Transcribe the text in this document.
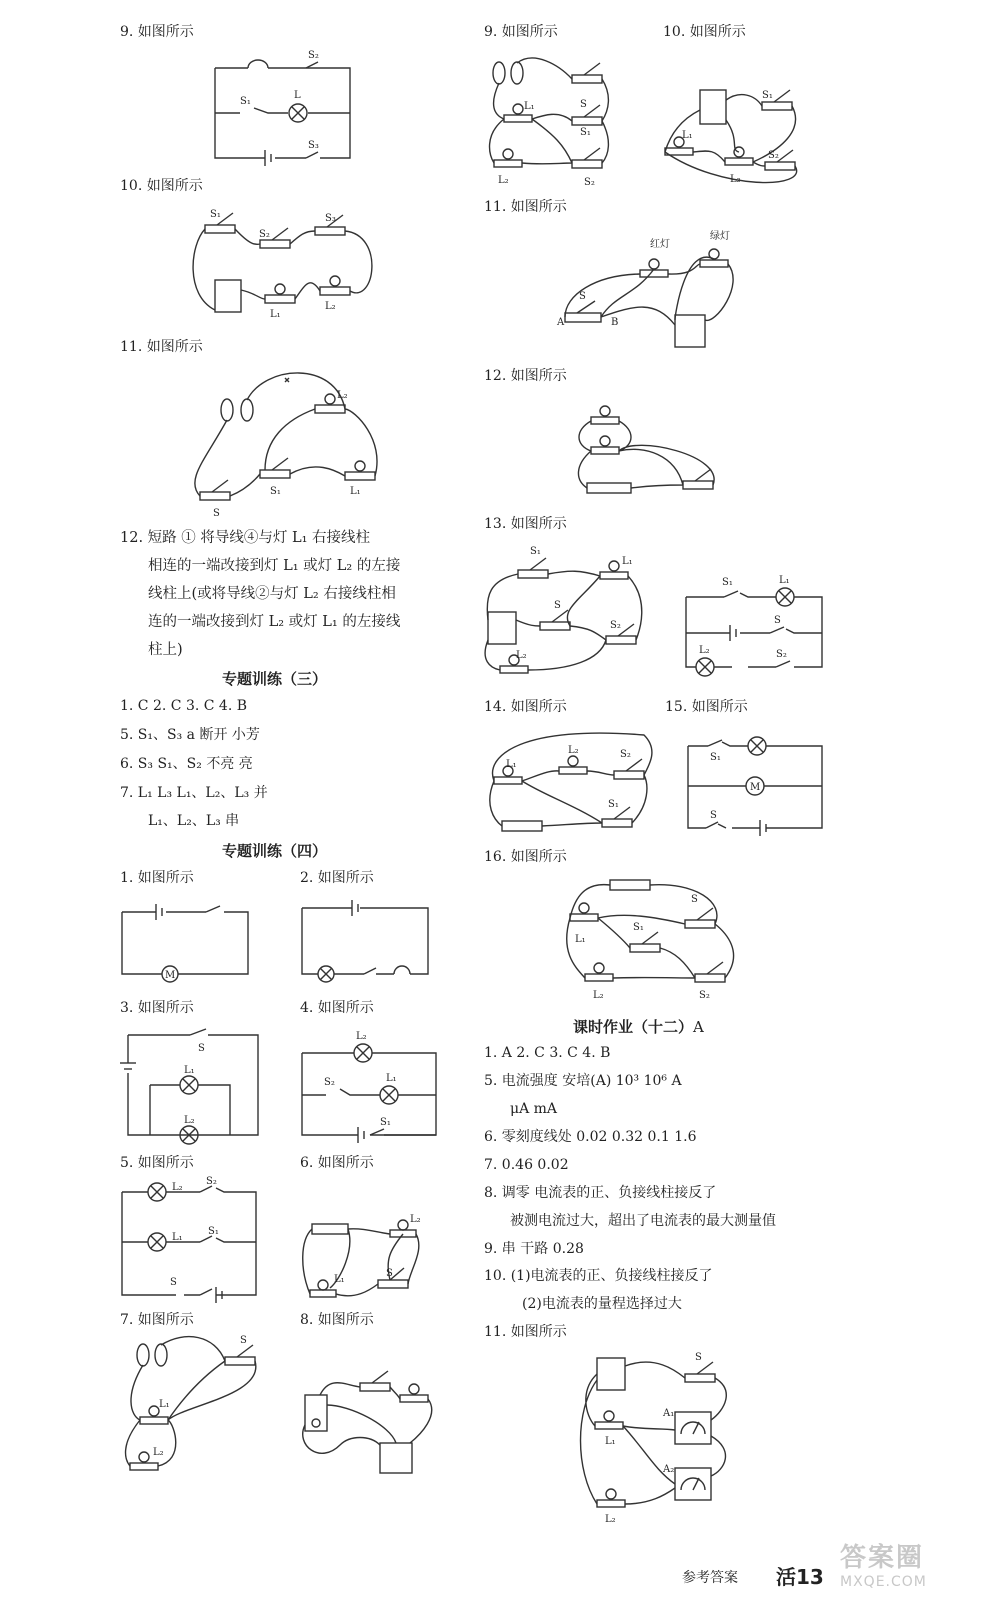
9. 如图所示
S₁
L
S₂
S₃
10. 如图所示
S₁
S₂
S₃
L₁
L₂
11. 如图所示
L₂
S₁	L₁
S
12. 短路 ① 将导线④与灯 L₁ 右接线柱
相连的一端改接到灯 L₁ 或灯 L₂ 的左接
线柱上(或将导线②与灯 L₂ 右接线柱相
连的一端改接到灯 L₂ 或灯 L₁ 的左接线
柱上)
专题训练（三）
1. C 2. C 3. C 4. B
5. S₁、S₃ a 断开 小芳
6. S₃ S₁、S₂ 不亮 亮
7. L₁ L₃ L₁、L₂、L₃ 并
L₁、L₂、L₃ 串
专题训练（四）
1. 如图所示
M
2. 如图所示
3. 如图所示
S
L₁
L₂
4. 如图所示
L₂
S₂	L₁
S₁
5. 如图所示
L₂
S₂
L₁
S₁
S
6. 如图所示
L₂
L₁
S
7. 如图所示
S
L₁
L₂
8. 如图所示
9. 如图所示	10. 如图所示
L₁	S
S₁
L₂	S₂
S₁
L₁
L₂
S₂
11. 如图所示
红灯
绿灯
S
A	B
12. 如图所示
13. 如图所示
S₁
L₁
S
S₂
L₂
S₁	L₁
S
L₂	S₂
14. 如图所示	15. 如图所示
L₁
L₂	S₂
S₁
M
S₁
S
16. 如图所示
L₁
S
S₁
L₂	S₂
课时作业（十二）A
1. A 2. C 3. C 4. B
5. 电流强度 安培(A) 10³ 10⁶ A
μA mA
6. 零刻度线处 0.02 0.32 0.1 1.6
7. 0.46 0.02
8. 调零 电流表的正、负接线柱接反了
被测电流过大，超出了电流表的最大测量值
9. 串 干路 0.28
10. (1)电流表的正、负接线柱接反了
(2)电流表的量程选择过大
11. 如图所示
S
L₁
A₁
A₂
L₂
参考答案 活13
答案圈
MXQE.COM
